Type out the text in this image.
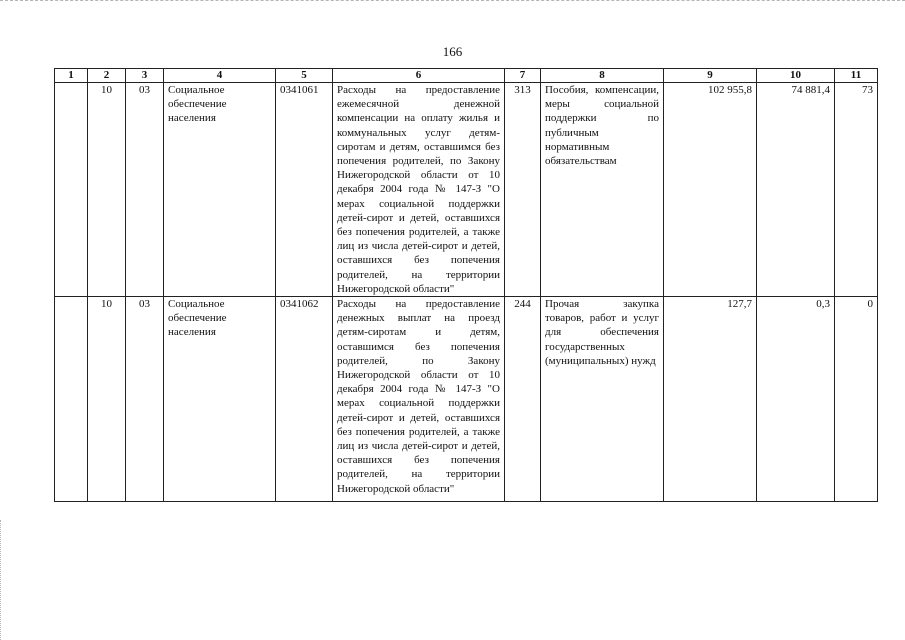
166
1	2	3	4	5	6	7	8	9	10	11
	10	03	Социальное обеспечение населения	0341061	Расходы на предоставление ежемесячной денежной компенсации на оплату жилья и коммунальных услуг детям-сиротам и детям, оставшимся без попечения родителей, по Закону Нижегородской области от 10 декабря 2004 года № 147-З "О мерах социальной поддержки детей-сирот и детей, оставшихся без попечения родителей, а также лиц из числа детей-сирот и детей, оставшихся без попечения родителей, на территории Нижегородской области"	313	Пособия, компенсации, меры социальной поддержки по публичным нормативным обязательствам	102 955,8	74 881,4	73
	10	03	Социальное обеспечение населения	0341062	Расходы на предоставление денежных выплат на проезд детям-сиротам и детям, оставшимся без попечения родителей, по Закону Нижегородской области от 10 декабря 2004 года № 147-З "О мерах социальной поддержки детей-сирот и детей, оставшихся без попечения родителей, а также лиц из числа детей-сирот и детей, оставшихся без попечения родителей, на территории Нижегородской области"	244	Прочая закупка товаров, работ и услуг для обеспечения государственных (муниципальных) нужд	127,7	0,3	0
